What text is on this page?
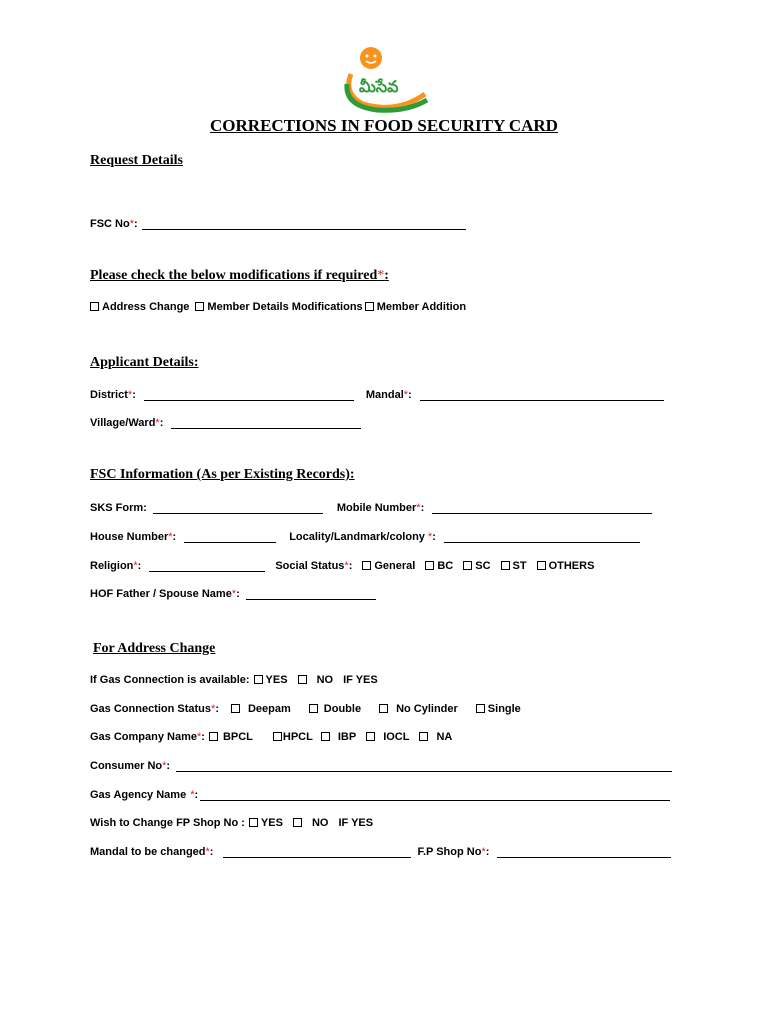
మీసేవ
CORRECTIONS IN FOOD SECURITY CARD
Request Details
FSC No * :
Please check the below modifications if required*:
Address Change Member Details Modifications Member Addition
Applicant Details:
District * :	Mandal * :
Village/Ward * :
FSC Information (As per Existing Records):
SKS Form:	Mobile Number * :
House Number * :	Locality/Landmark/colony * :
Religion * :	Social Status * : General BC SC ST OTHERS
HOF Father / Spouse Name * :
For Address Change
If Gas Connection is available: YES	NO IF YES
Gas Connection Status * :	Deepam	Double	No Cylinder	Single
Gas Company Name * : BPCL	HPCL IBP IOCL NA
Consumer No * :
Gas Agency Name * :
Wish to Change FP Shop No : YES	NO IF YES
Mandal to be changed * :	F.P Shop No * :
